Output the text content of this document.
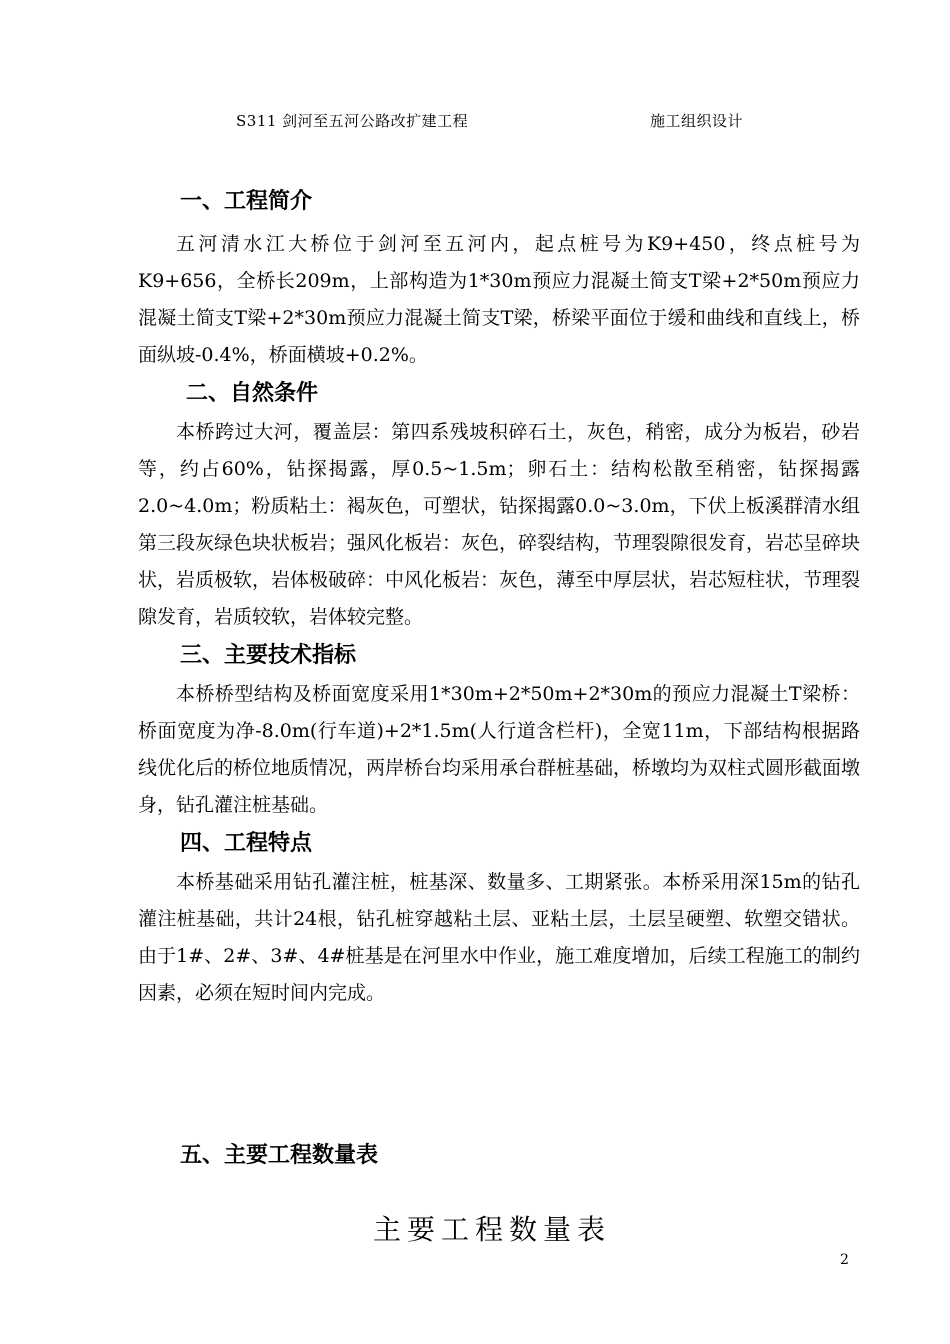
S311 剑河至五河公路改扩建工程	施工组织设计
一、工程简介

五河清水江大桥位于剑河至五河内，起点桩号为K9+450，终点桩号为K9+656，全桥长209m，上部构造为1*30m预应力混凝土简支T梁+2*50m预应力混凝土简支T梁+2*30m预应力混凝土简支T梁，桥梁平面位于缓和曲线和直线上，桥面纵坡-0.4%，桥面横坡+0.2%。

二、自然条件

本桥跨过大河，覆盖层：第四系残坡积碎石土，灰色，稍密，成分为板岩，砂岩等，约占60%，钻探揭露，厚0.5~1.5m；卵石土：结构松散至稍密，钻探揭露2.0~4.0m；粉质粘土：褐灰色，可塑状，钻探揭露0.0~3.0m，下伏上板溪群清水组第三段灰绿色块状板岩；强风化板岩：灰色，碎裂结构，节理裂隙很发育，岩芯呈碎块状，岩质极软，岩体极破碎：中风化板岩：灰色，薄至中厚层状，岩芯短柱状，节理裂隙发育，岩质较软，岩体较完整。

三、主要技术指标

本桥桥型结构及桥面宽度采用1*30m+2*50m+2*30m的预应力混凝土T梁桥：桥面宽度为净-8.0m(行车道)+2*1.5m(人行道含栏杆)，全宽11m，下部结构根据路线优化后的桥位地质情况，两岸桥台均采用承台群桩基础，桥墩均为双柱式圆形截面墩身，钻孔灌注桩基础。

四、工程特点

本桥基础采用钻孔灌注桩，桩基深、数量多、工期紧张。本桥采用深15m的钻孔灌注桩基础，共计24根，钻孔桩穿越粘土层、亚粘土层，土层呈硬塑、软塑交错状。由于1#、2#、3#、4#桩基是在河里水中作业，施工难度增加，后续工程施工的制约因素，必须在短时间内完成。

五、主要工程数量表
主要工程数量表
2
